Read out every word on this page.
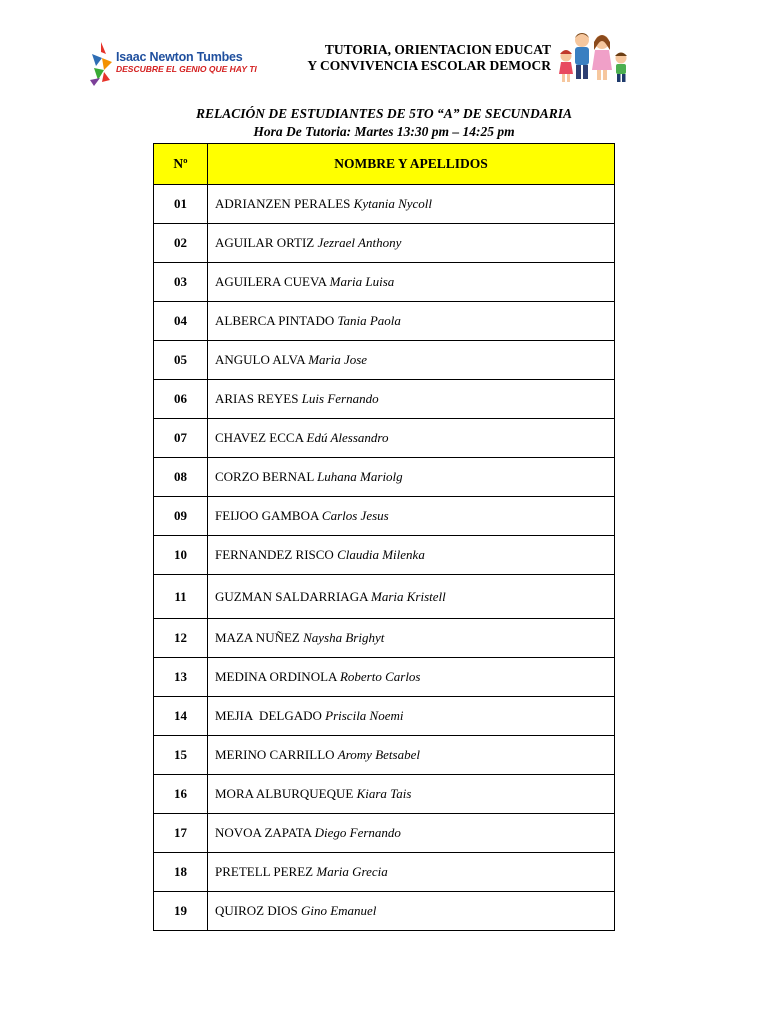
Isaac Newton Tumbes
DESCUBRE EL GENIO QUE HAY TI
TUTORIA, ORIENTACION EDUCAT
Y CONVIVENCIA ESCOLAR DEMOCR
RELACIÓN DE ESTUDIANTES DE 5TO “A” DE SECUNDARIA
Hora De Tutoria: Martes 13:30 pm – 14:25 pm
Nº	NOMBRE Y APELLIDOS
01	ADRIANZEN PERALES Kytania Nycoll
02	AGUILAR ORTIZ Jezrael Anthony
03	AGUILERA CUEVA Maria Luisa
04	ALBERCA PINTADO Tania Paola
05	ANGULO ALVA Maria Jose
06	ARIAS REYES Luis Fernando
07	CHAVEZ ECCA Edú Alessandro
08	CORZO BERNAL Luhana Mariolg
09	FEIJOO GAMBOA Carlos Jesus
10	FERNANDEZ RISCO Claudia Milenka
11	GUZMAN SALDARRIAGA Maria Kristell
12	MAZA NUÑEZ Naysha Brighyt
13	MEDINA ORDINOLA Roberto Carlos
14	MEJIA  DELGADO Priscila Noemi
15	MERINO CARRILLO Aromy Betsabel
16	MORA ALBURQUEQUE Kiara Tais
17	NOVOA ZAPATA Diego Fernando
18	PRETELL PEREZ Maria Grecia
19	QUIROZ DIOS Gino Emanuel
